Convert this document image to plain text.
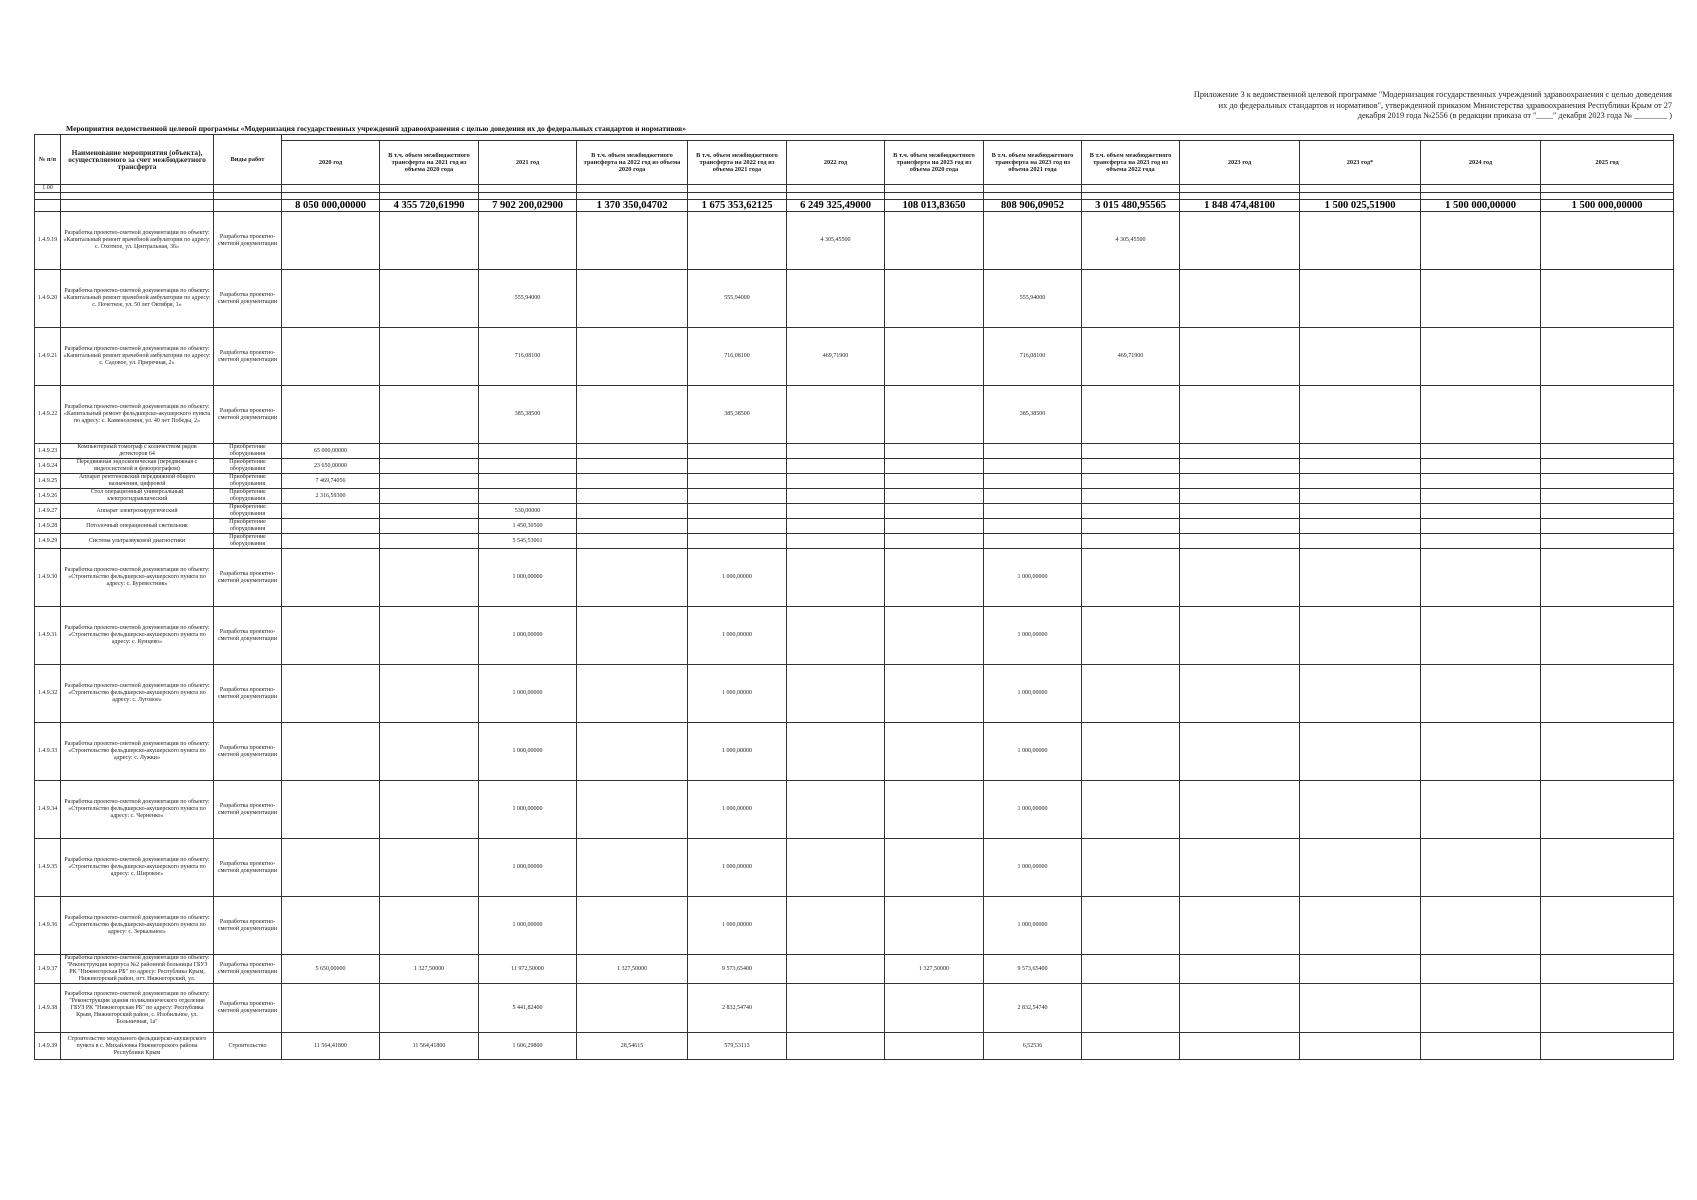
Приложение 3 к ведомственной целевой программе "Модернизация государственных учреждений здравоохранения с целью доведения
их до федеральных стандартов и нормативов", утвержденной приказом Министерства здравоохранения Республики Крым от 27
декабря 2019 года №2556 (в редакции приказа от "____" декабря 2023 года № ________ )
Мероприятия ведомственной целевой программы «Модернизация государственных учреждений здравоохранения с целью доведения их до федеральных стандартов и нормативов»
№ п/п	Наименование мероприятия (объекта), осуществляемого за счет межбюджетного трансферта	Виды работ													
			2020 год	В т.ч. объем межбюджетного трансферта на 2021 год из объема 2020 года	2021 год	В т.ч. объем межбюджетного трансферта на 2022 год из объема 2020 года	В т.ч. объем межбюджетного трансферта на 2022 год из объема 2021 года	2022 год	В т.ч. объем межбюджетного трансферта на 2023 год из объема 2020 года	В т.ч. объем межбюджетного трансферта на 2023 год из объема 2021 года	В т.ч. объем межбюджетного трансферта на 2023 год из объема 2022 года	2023 год	2023 год*	2024 год	2025 год
1.00															

			8 050 000,00000	4 355 720,61990	7 902 200,02900	1 370 350,04702	1 675 353,62125	6 249 325,49000	108 013,83650	808 906,09052	3 015 480,95565	1 848 474,48100	1 500 025,51900	1 500 000,00000	1 500 000,00000
1.4.9.19	Разработка проектно-сметной документации по объекту: «Капитальный ремонт врачебной амбулатории по адресу: с. Охотное, ул. Центральная, 36»	Разработка проектно-сметной документации						4 305,45500			4 305,45500				
1.4.9.20	Разработка проектно-сметной документации по объекту: «Капитальный ремонт врачебной амбулатории по адресу: с. Почетное, ул. 50 лет Октября, 1»	Разработка проектно-сметной документации			555,94000		555,94000			555,94000					
1.4.9.21	Разработка проектно-сметной документации по объекту: «Капитальный ремонт врачебной амбулатории по адресу: с. Садовое, ул. Приречная, 2»	Разработка проектно-сметной документации			716,08100		716,08100	469,71900		716,08100	469,71900				
1.4.9.22	Разработка проектно-сметной документации по объекту: «Капитальный ремонт фельдшерско-акушерского пункта по адресу: с. Каменоломня, ул. 40 лет Победы, 2»	Разработка проектно-сметной документации			385,38500		385,38500			385,38500					
1.4.9.23	Компьютерный томограф с количеством рядов детекторов 64	Приобретение оборудования	65 000,00000												
1.4.9.24	Передвижная эндоскопическая (передвижная с видеосистемой и флюорографом)	Приобретение оборудования	23 650,00000												
1.4.9.25	Аппарат рентгеновский передвижной общего назначения, цифровой	Приобретение оборудования	7 469,74056												
1.4.9.26	Стол операционный универсальный электрогидравлический	Приобретение оборудования	2 316,59300												
1.4.9.27	Аппарат электрохирургический	Приобретение оборудования			530,00000										
1.4.9.28	Потолочный операционный светильник	Приобретение оборудования			1 450,30500										
1.4.9.29	Система ультразвуковой диагностики	Приобретение оборудования			5 545,53061										
1.4.9.30	Разработка проектно-сметной документации по объекту: «Строительство фельдшерско-акушерского пункта по адресу: с. Буревестник»	Разработка проектно-сметной документации			1 000,00000		1 000,00000			1 000,00000					
1.4.9.31	Разработка проектно-сметной документации по объекту: «Строительство фельдшерско-акушерского пункта по адресу: с. Кунцево»	Разработка проектно-сметной документации			1 000,00000		1 000,00000			1 000,00000					
1.4.9.32	Разработка проектно-сметной документации по объекту: «Строительство фельдшерско-акушерского пункта по адресу: с. Луговое»	Разработка проектно-сметной документации			1 000,00000		1 000,00000			1 000,00000					
1.4.9.33	Разработка проектно-сметной документации по объекту: «Строительство фельдшерско-акушерского пункта по адресу: с. Лужки»	Разработка проектно-сметной документации			1 000,00000		1 000,00000			1 000,00000					
1.4.9.34	Разработка проектно-сметной документации по объекту: «Строительство фельдшерско-акушерского пункта по адресу: с. Черненко»	Разработка проектно-сметной документации			1 000,00000		1 000,00000			1 000,00000					
1.4.9.35	Разработка проектно-сметной документации по объекту: «Строительство фельдшерско-акушерского пункта по адресу: с. Широкое»	Разработка проектно-сметной документации			1 000,00000		1 000,00000			1 000,00000					
1.4.9.36	Разработка проектно-сметной документации по объекту: «Строительство фельдшерско-акушерского пункта по адресу: с. Зеркальное»	Разработка проектно-сметной документации			1 000,00000		1 000,00000			1 000,00000					
1.4.9.37	Разработка проектно-сметной документации по объекту: "Реконструкция корпуса №2 районной больницы ГБУЗ РК "Нижнегорская РБ" по адресу: Республика Крым, Нижнегорский район, пгт. Нижнегорский, ул.	Разработка проектно-сметной документации	5 650,00000	1 327,50000	11 972,50000	1 327,50000	9 573,65400		1 327,50000	9 573,65400					
1.4.9.38	Разработка проектно-сметной документации по объекту: "Реконструкция здания поликлинического отделения ГБУЗ РК "Нижнегорская РБ" по адресу: Республика Крым, Нижнегорский район, с. Изобильное, ул. Больничная, 1а"	Разработка проектно-сметной документации			5 441,82400		2 832,54740			2 832,54740					
1.4.9.39	Строительство модульного фельдшерско-акушерского пункта в с. Михайловка Нижнегорского района Республики Крым	Строительство	11 564,41800	11 564,41800	1 606,29800	28,54615	579,53113			6,52536					
